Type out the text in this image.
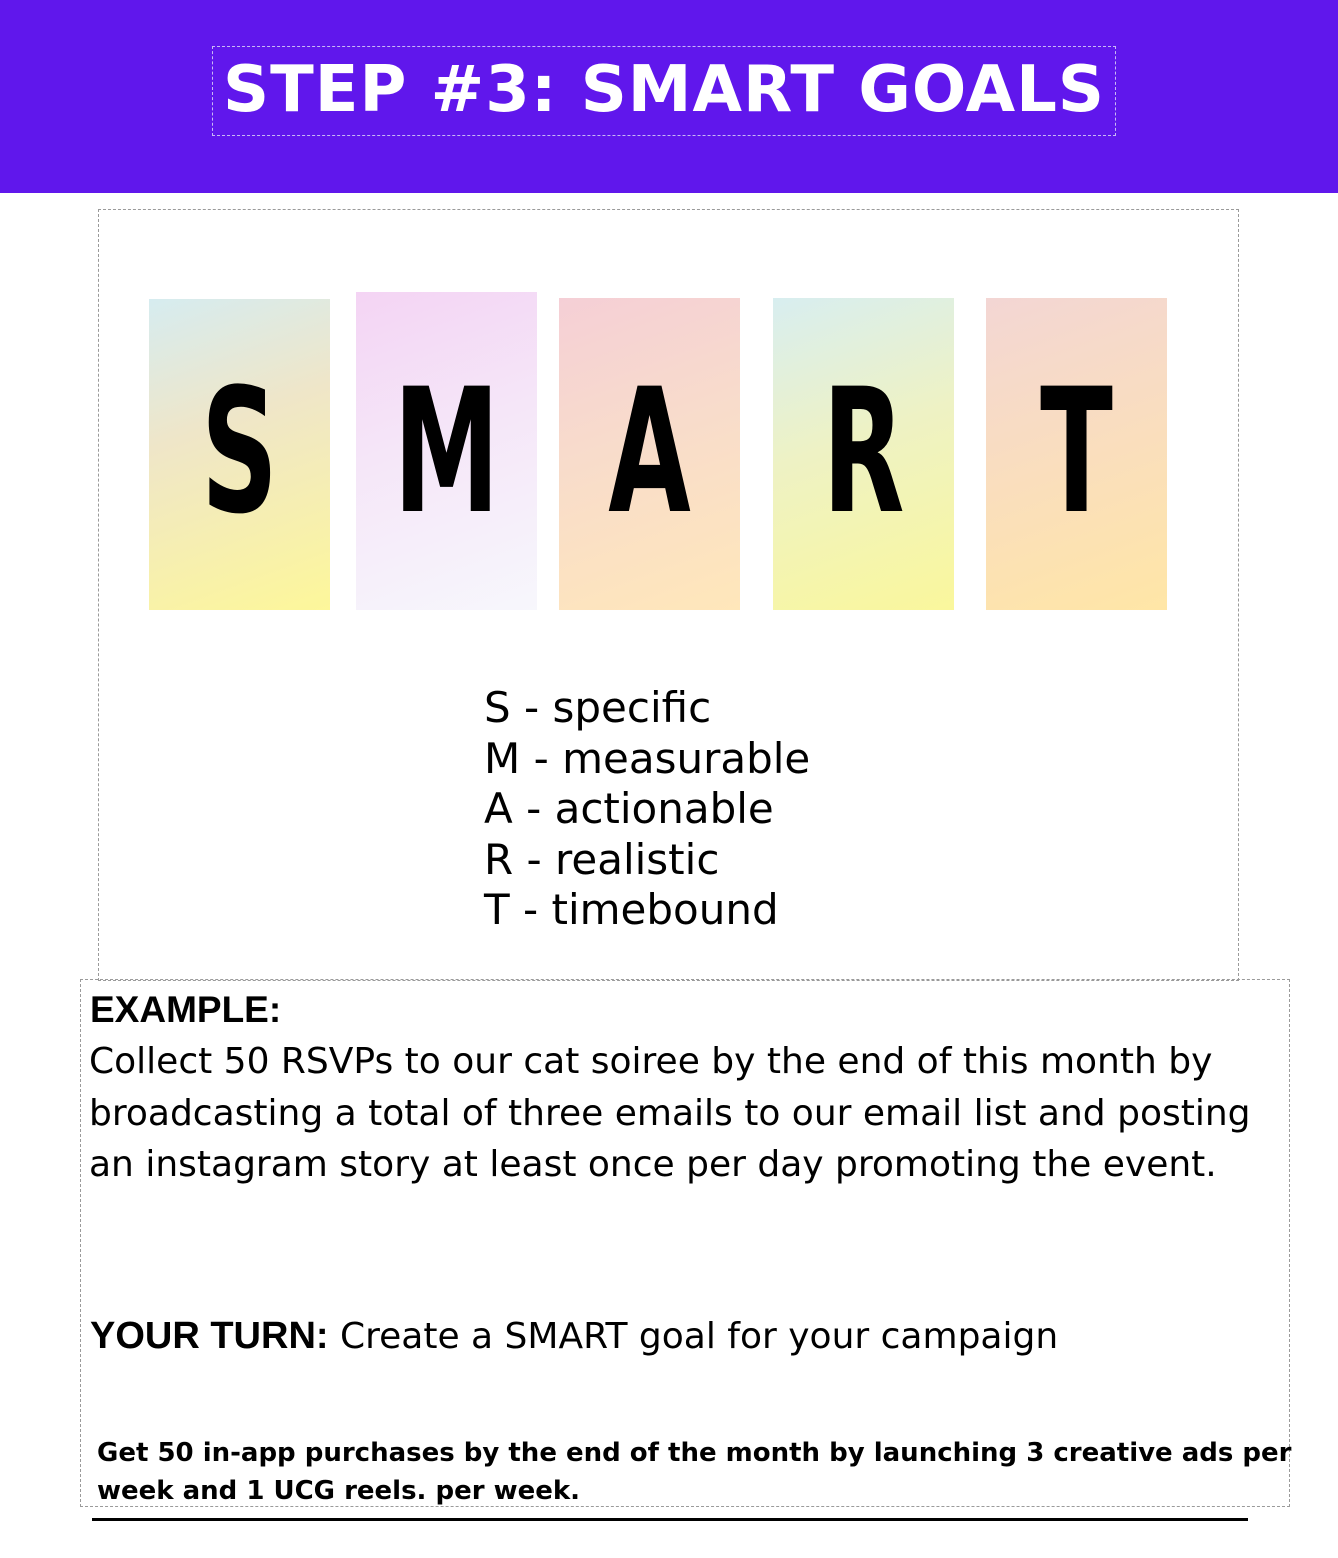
STEP #3: SMART GOALS
S M A R T
S - specific
M - measurable
A - actionable
R - realistic
T - timebound
EXAMPLE:
Collect 50 RSVPs to our cat soiree by the end of this month by
broadcasting a total of three emails to our email list and posting
an instagram story at least once per day promoting the event.
YOUR TURN: Create a SMART goal for your campaign
Get 50 in-app purchases by the end of the month by launching 3 creative ads per
week and 1 UCG reels. per week.
